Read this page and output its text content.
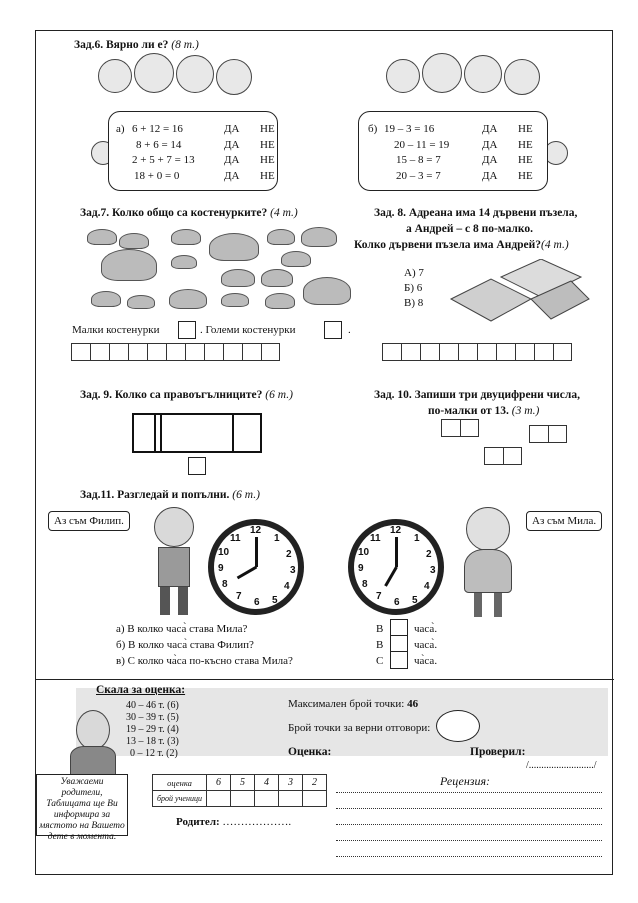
Зад.6. Вярно ли е? (8 т.)
а) 6 + 12 = 16	ДА НЕ
8 + 6 = 14	ДА НЕ
2 + 5 + 7 = 13	ДА НЕ
18 + 0 = 0	ДА НЕ
б) 19 – 3 = 16	ДА НЕ
20 – 11 = 19	ДА НЕ
15 – 8 = 7	ДА НЕ
20 – 3 = 7	ДА НЕ
Зад.7. Колко общо са костенурките? (4 т.)
Малки костенурки	. Големи костенурки	.
Зад. 8. Адреана има 14 дървени пъзела,
а Андрей – с 8 по-малко.
Колко дървени пъзела има Андрей?(4 т.)
А) 7
Б) 6
В) 8
Зад. 9. Колко са правоъгълниците? (6 т.)	Зад. 10. Запиши три двуцифрени числа,
по-малки от 13. (3 т.)
Зад.11. Разгледай и попълни. (6 т.)
Аз съм Филип.	Аз съм Мила.
12
1
2
3
4
5
6
7
8
9
10
11
12
1
2
3
4
5
6
7
8
9
10
11
а) В колко часа̀ става Мила?
б) В колко часа̀ става Филип?
в) С колко ча̀са по-късно става Мила?
В	часа̀.
В	часа̀.
С	ча̀са.
Скала за оценка:
40 – 46 т. (6)
30 – 39 т. (5)
19 – 29 т. (4)
13 – 18 т. (3)
0 – 12 т. (2)
Максимален брой точки: 46
Брой точки за верни отговори:
Оценка:	Проверил:
/........................../
Уважаеми родители, Таблицата ще Ви информира за мястото на Вашето дете в момента.
оценка	6	5	4	3	2
брой ученици					
Родител: ……………….
Рецензия:
